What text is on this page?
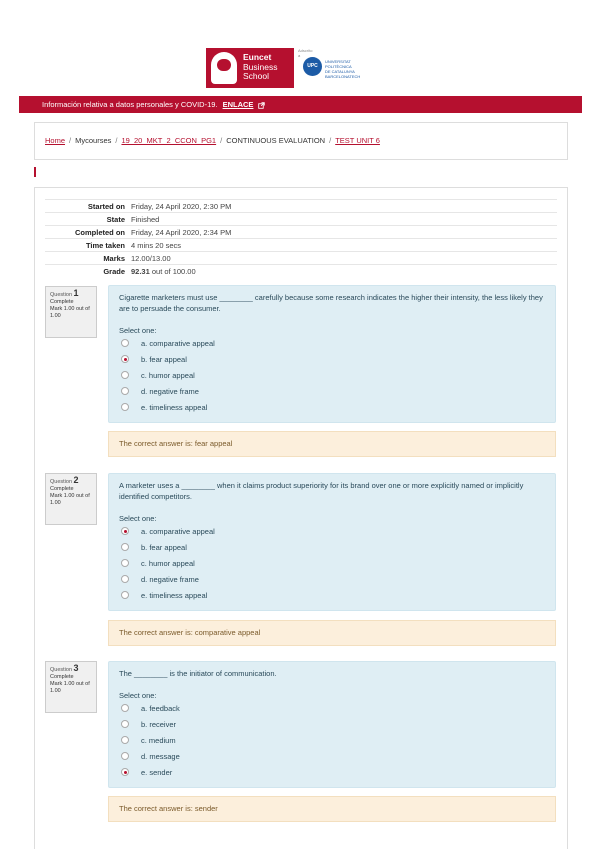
Euncet
Business
School
Adscrito a
UPC
UNIVERSITAT POLITÈCNICA
DE CATALUNYA
BARCELONATECH
Información relativa a datos personales y COVID-19. ENLACE
Home / Mycourses / 19_20_MKT_2_CCON_PG1 / CONTINUOUS EVALUATION / TEST UNIT 6
Started on	Friday, 24 April 2020, 2:30 PM
State	Finished
Completed on	Friday, 24 April 2020, 2:34 PM
Time taken	4 mins 20 secs
Marks	12.00/13.00
Grade	92.31 out of 100.00
Question 1
Complete
Mark 1.00 out of 1.00
Cigarette marketers must use ________ carefully because some research indicates the higher their intensity, the less likely they are to persuade the consumer.
Select one:
a. comparative appeal
b. fear appeal
c. humor appeal
d. negative frame
e. timeliness appeal
The correct answer is: fear appeal
Question 2
Complete
Mark 1.00 out of 1.00
A marketer uses a ________ when it claims product superiority for its brand over one or more explicitly named or implicitly identified competitors.
Select one:
a. comparative appeal
b. fear appeal
c. humor appeal
d. negative frame
e. timeliness appeal
The correct answer is: comparative appeal
Question 3
Complete
Mark 1.00 out of 1.00
The ________ is the initiator of communication.
Select one:
a. feedback
b. receiver
c. medium
d. message
e. sender
The correct answer is: sender
